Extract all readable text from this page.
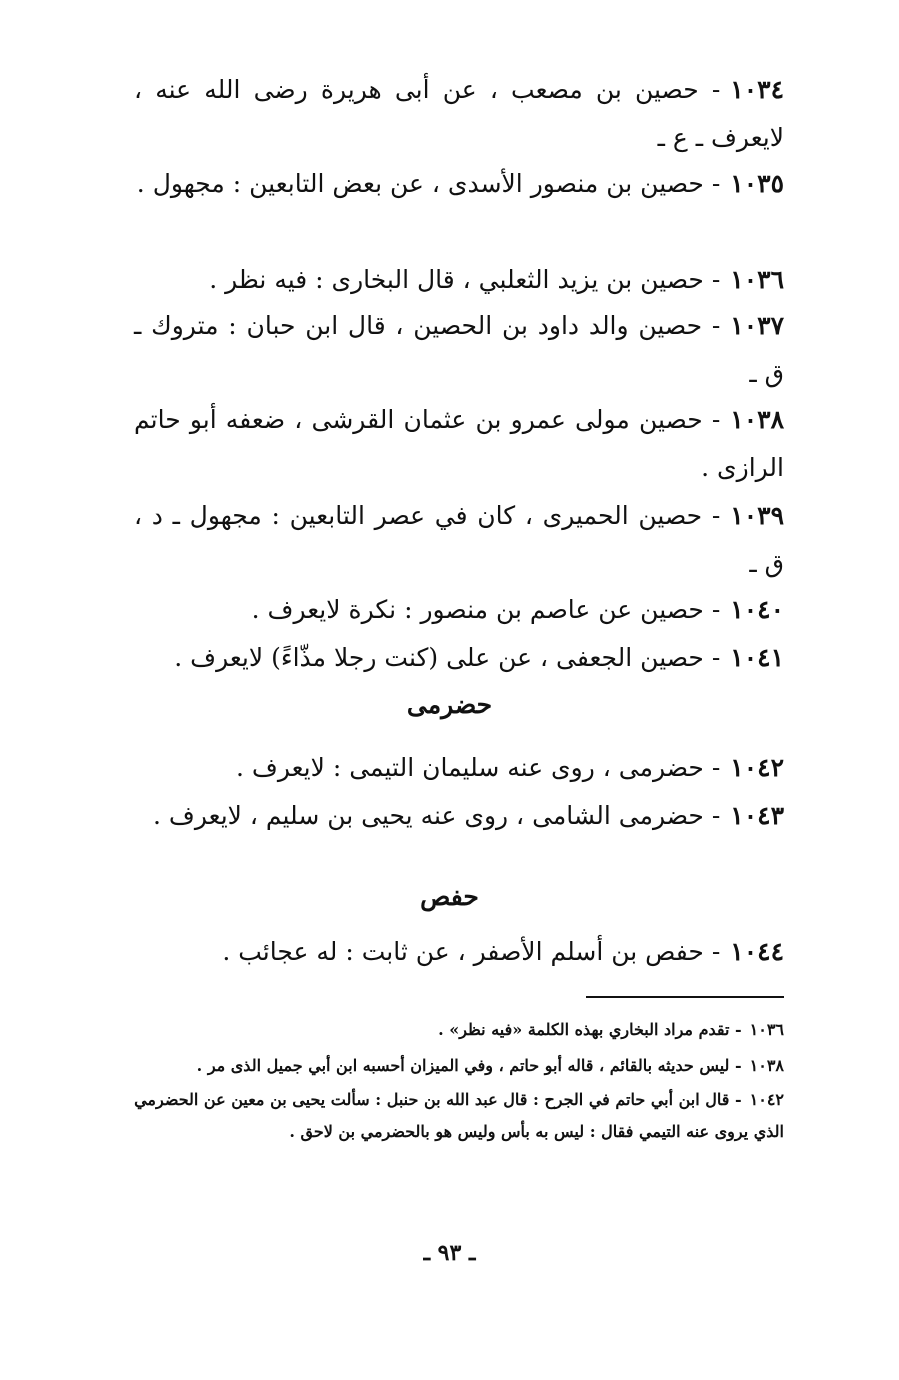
١٠٣٤- حصين بن مصعب ، عن أبى هريرة رضى الله عنه ، لايعرف ـ ع ـ
١٠٣٥- حصين بن منصور الأسدى ، عن بعض التابعين : مجهول .
١٠٣٦- حصين بن يزيد الثعلبي ، قال البخارى : فيه نظر .
١٠٣٧- حصين والد داود بن الحصين ، قال ابن حبان : متروك ـ ق ـ
١٠٣٨- حصين مولى عمرو بن عثمان القرشى ، ضعفه أبو حاتم الرازى .
١٠٣٩- حصين الحميرى ، كان في عصر التابعين : مجهول ـ د ، ق ـ
١٠٤٠- حصين عن عاصم بن منصور : نكرة لايعرف .
١٠٤١- حصين الجعفى ، عن على (كنت رجلا مذّاءً) لايعرف .
حضرمى
١٠٤٢- حضرمى ، روى عنه سليمان التيمى : لايعرف .
١٠٤٣- حضرمى الشامى ، روى عنه يحيى بن سليم ، لايعرف .
حفص
١٠٤٤- حفص بن أسلم الأصفر ، عن ثابت : له عجائب .
١٠٣٦- تقدم مراد البخاري بهذه الكلمة «فيه نظر» .
١٠٣٨- ليس حديثه بالقائم ، قاله أبو حاتم ، وفي الميزان أحسبه ابن أبي جميل الذى مر .
١٠٤٢- قال ابن أبي حاتم في الجرح : قال عبد الله بن حنبل : سألت يحيى بن معين عن الحضرمي الذي يروى عنه التيمي فقال : ليس به بأس وليس هو بالحضرمي بن لاحق .
ـ ٩٣ ـ
